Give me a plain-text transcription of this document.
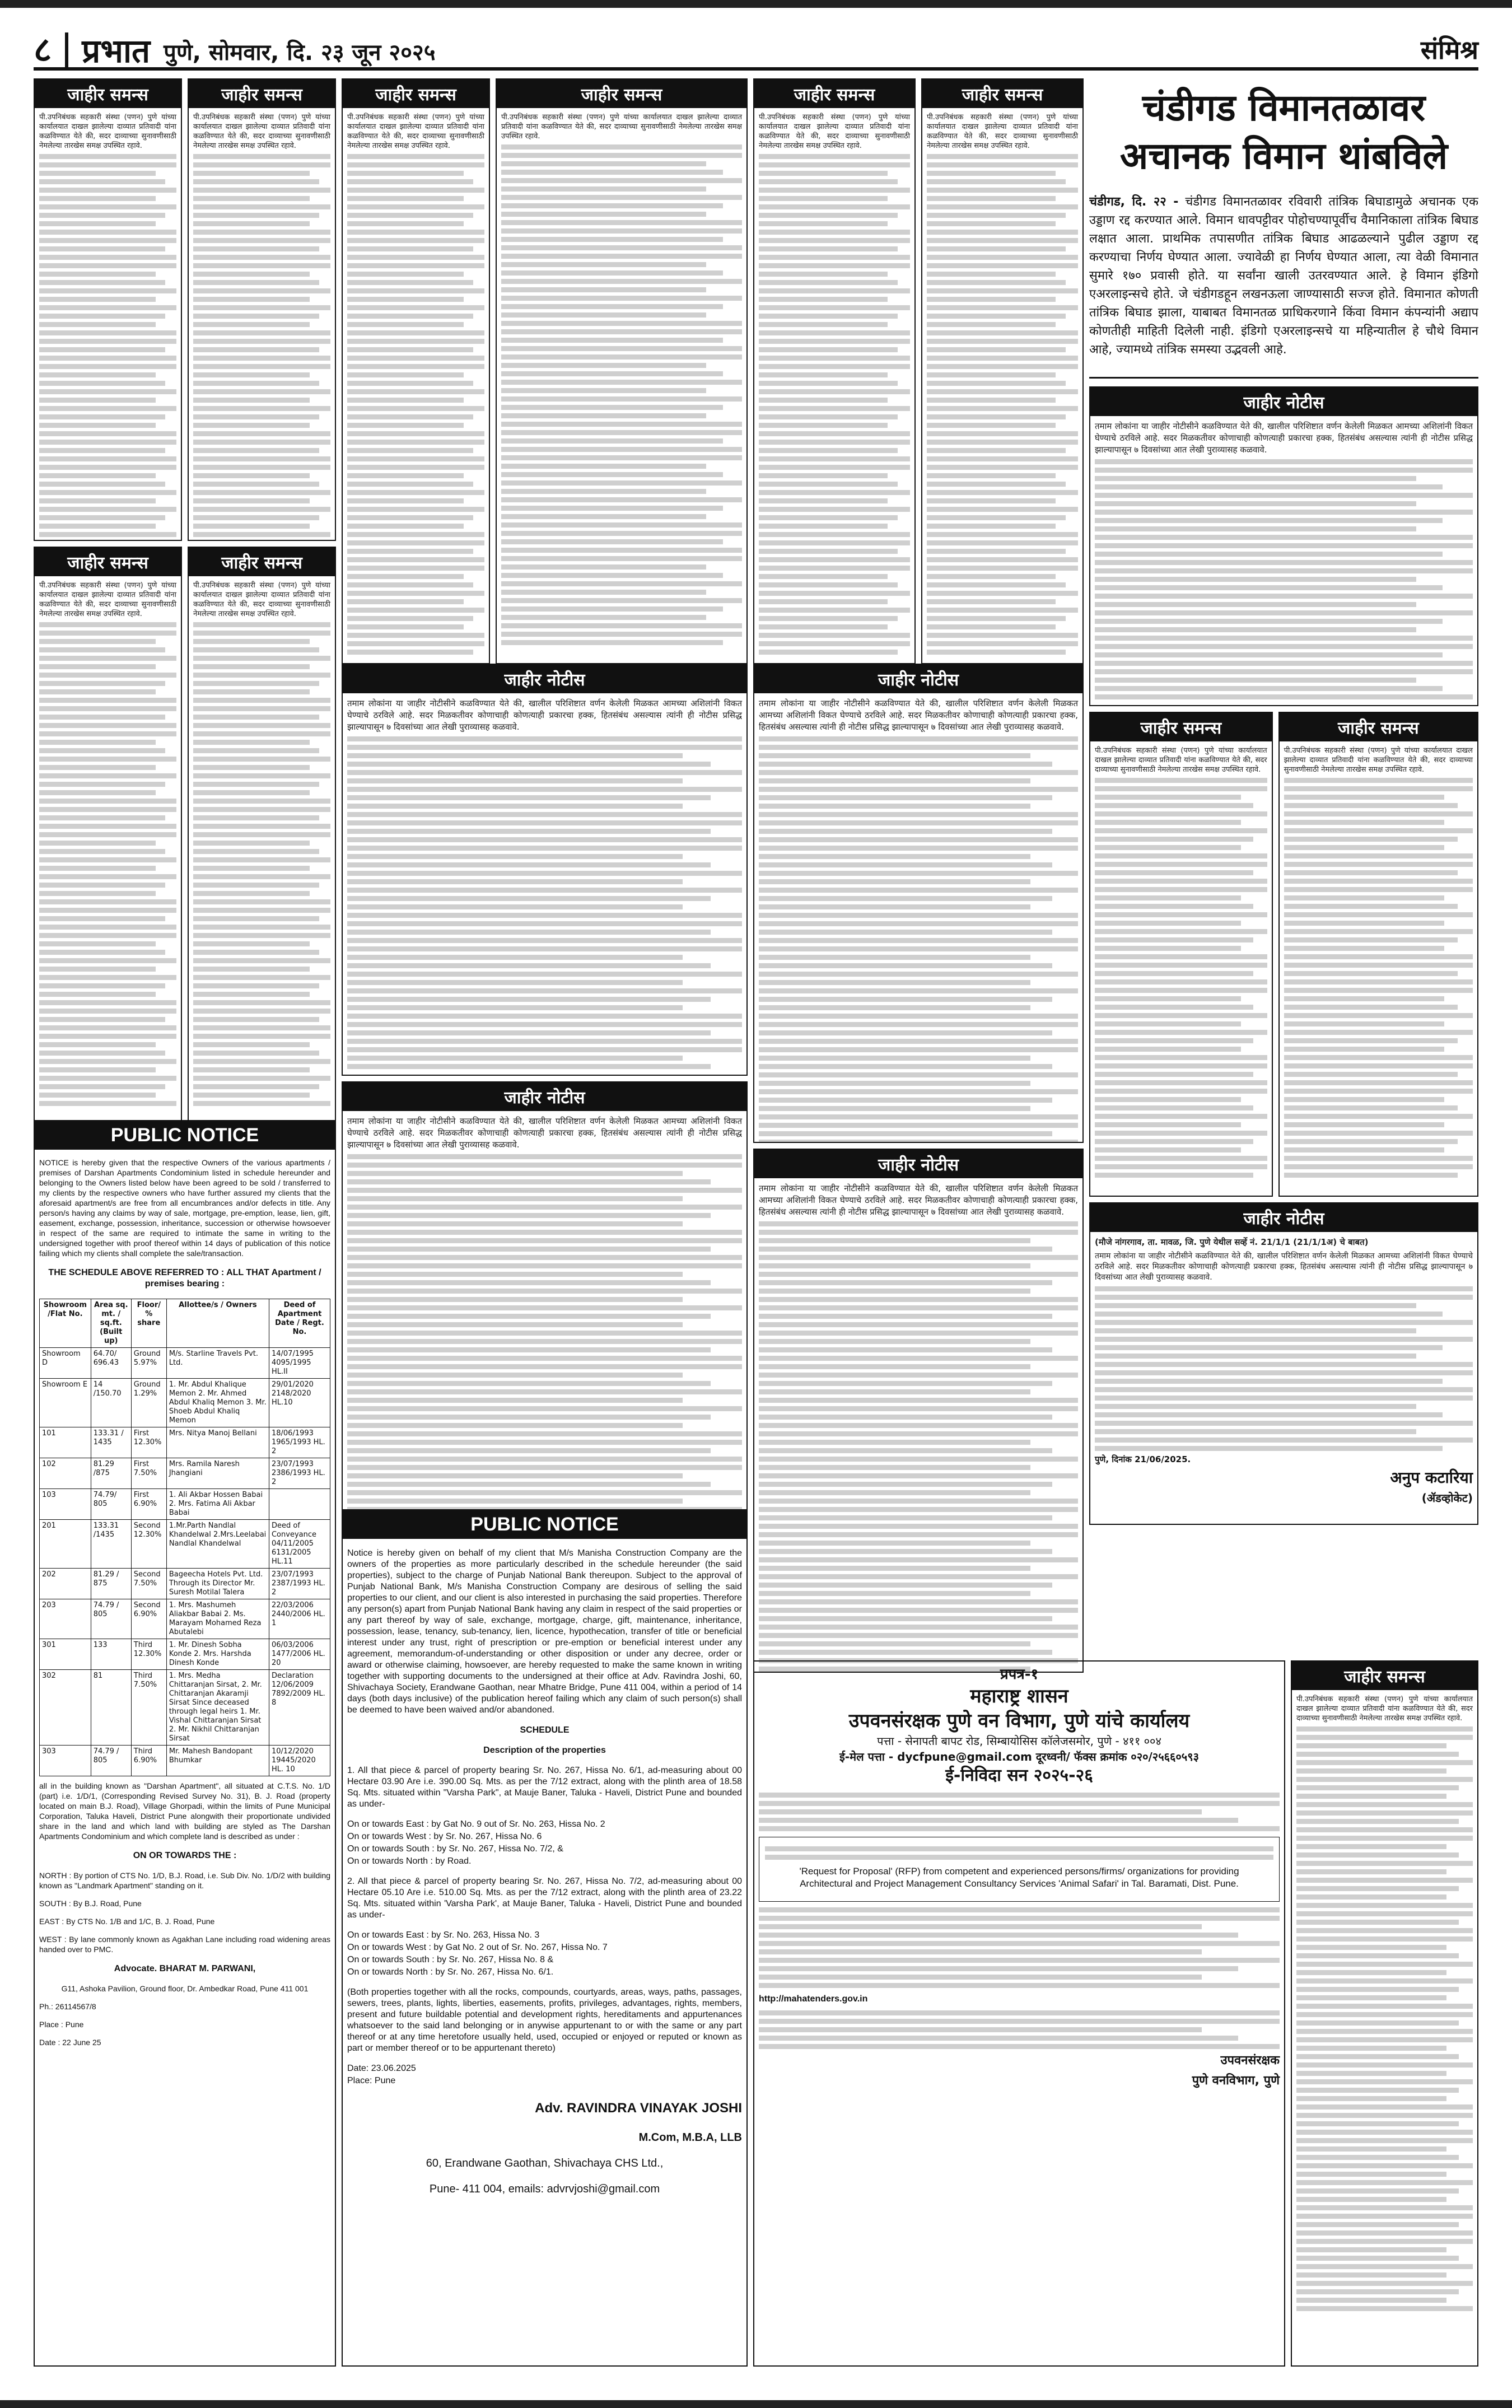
८ प्रभात पुणे, सोमवार, दि. २३ जून २०२५	संमिश्र
जाहीर समन्स

पी.उपनिबंधक सहकारी संस्था (पणन) पुणे यांच्या कार्यालयात दाखल झालेल्या दाव्यात प्रतिवादी यांना कळविण्यात येते की, सदर दाव्याच्या सुनावणीसाठी नेमलेल्या तारखेस समक्ष उपस्थित रहावे.

जाहीर समन्स

पी.उपनिबंधक सहकारी संस्था (पणन) पुणे यांच्या कार्यालयात दाखल झालेल्या दाव्यात प्रतिवादी यांना कळविण्यात येते की, सदर दाव्याच्या सुनावणीसाठी नेमलेल्या तारखेस समक्ष उपस्थित रहावे.

जाहीर समन्स

पी.उपनिबंधक सहकारी संस्था (पणन) पुणे यांच्या कार्यालयात दाखल झालेल्या दाव्यात प्रतिवादी यांना कळविण्यात येते की, सदर दाव्याच्या सुनावणीसाठी नेमलेल्या तारखेस समक्ष उपस्थित रहावे.

जाहीर समन्स

पी.उपनिबंधक सहकारी संस्था (पणन) पुणे यांच्या कार्यालयात दाखल झालेल्या दाव्यात प्रतिवादी यांना कळविण्यात येते की, सदर दाव्याच्या सुनावणीसाठी नेमलेल्या तारखेस समक्ष उपस्थित रहावे.

PUBLIC NOTICE

NOTICE is hereby given that the respective Owners of the various apartments / premises of Darshan Apartments Condominium listed in schedule hereunder and belonging to the Owners listed below have been agreed to be sold / transferred to my clients by the respective owners who have further assured my clients that the aforesaid apartment/s are free from all encumbrances and/or defects in title. Any person/s having any claims by way of sale, mortgage, pre-emption, lease, lien, gift, easement, exchange, possession, inheritance, succession or otherwise howsoever in respect of the same are required to intimate the same in writing to the undersigned together with proof thereof within 14 days of publication of this notice failing which my clients shall complete the sale/transaction.

THE SCHEDULE ABOVE REFERRED TO : ALL THAT Apartment / premises bearing :

Showroom /Flat No.	Area sq. mt. / sq.ft. (Built up)	Floor/ % share	Allottee/s / Owners	Deed of Apartment Date / Regt. No.
Showroom D	64.70/ 696.43	Ground 5.97%	M/s. Starline Travels Pvt. Ltd.	14/07/1995 4095/1995 HL.II
Showroom E	14 /150.70	Ground 1.29%	1. Mr. Abdul Khalique Memon 2. Mr. Ahmed Abdul Khaliq Memon 3. Mr. Shoeb Abdul Khaliq Memon	29/01/2020 2148/2020 HL.10
101	133.31 / 1435	First 12.30%	Mrs. Nitya Manoj Bellani	18/06/1993 1965/1993 HL. 2
102	81.29 /875	First 7.50%	Mrs. Ramila Naresh Jhangiani	23/07/1993 2386/1993 HL. 2
103	74.79/ 805	First 6.90%	1. Ali Akbar Hossen Babai 2. Mrs. Fatima Ali Akbar Babai	
201	133.31 /1435	Second 12.30%	1.Mr.Parth Nandlal Khandelwal 2.Mrs.Leelabai Nandlal Khandelwal	Deed of Conveyance 04/11/2005 6131/2005 HL.11
202	81.29 / 875	Second 7.50%	Bageecha Hotels Pvt. Ltd. Through its Director Mr. Suresh Motilal Talera	23/07/1993 2387/1993 HL. 2
203	74.79 / 805	Second 6.90%	1. Mrs. Mashumeh Aliakbar Babai 2. Ms. Marayam Mohamed Reza Abutalebi	22/03/2006 2440/2006 HL. 1
301	133	Third 12.30%	1. Mr. Dinesh Sobha Konde 2. Mrs. Harshda Dinesh Konde	06/03/2006 1477/2006 HL. 20
302	81	Third 7.50%	1. Mrs. Medha Chittaranjan Sirsat, 2. Mr. Chittaranjan Akaramji Sirsat Since deceased through legal heirs 1. Mr. Vishal Chittaranjan Sirsat 2. Mr. Nikhil Chittaranjan Sirsat	Declaration 12/06/2009 7892/2009 HL. 8
303	74.79 / 805	Third 6.90%	Mr. Mahesh Bandopant Bhumkar	10/12/2020 19445/2020 HL. 10

all in the building known as "Darshan Apartment", all situated at C.T.S. No. 1/D (part) i.e. 1/D/1, (Corresponding Revised Survey No. 31), B. J. Road (property located on main B.J. Road), Village Ghorpadi, within the limits of Pune Municipal Corporation, Taluka Haveli, District Pune alongwith their proportionate undivided share in the land and which land with building are styled as The Darshan Apartments Condominium and which complete land is described as under :

ON OR TOWARDS THE :

NORTH : By portion of CTS No. 1/D, B.J. Road, i.e. Sub Div. No. 1/D/2 with building known as "Landmark Apartment" standing on it.

SOUTH : By B.J. Road, Pune

EAST : By CTS No. 1/B and 1/C, B. J. Road, Pune

WEST : By lane commonly known as Agakhan Lane including road widening areas handed over to PMC.

Advocate. BHARAT M. PARWANI,

G11, Ashoka Pavilion, Ground floor, Dr. Ambedkar Road, Pune 411 001

Ph.: 26114567/8

Place : Pune

Date : 22 June 25

जाहीर समन्स

पी.उपनिबंधक सहकारी संस्था (पणन) पुणे यांच्या कार्यालयात दाखल झालेल्या दाव्यात प्रतिवादी यांना कळविण्यात येते की, सदर दाव्याच्या सुनावणीसाठी नेमलेल्या तारखेस समक्ष उपस्थित रहावे.

जाहीर समन्स

पी.उपनिबंधक सहकारी संस्था (पणन) पुणे यांच्या कार्यालयात दाखल झालेल्या दाव्यात प्रतिवादी यांना कळविण्यात येते की, सदर दाव्याच्या सुनावणीसाठी नेमलेल्या तारखेस समक्ष उपस्थित रहावे.

जाहीर नोटीस

तमाम लोकांना या जाहीर नोटीसीने कळविण्यात येते की, खालील परिशिष्टात वर्णन केलेली मिळकत आमच्या अशिलांनी विकत घेण्याचे ठरविले आहे. सदर मिळकतीवर कोणाचाही कोणत्याही प्रकारचा हक्क, हितसंबंध असल्यास त्यांनी ही नोटीस प्रसिद्ध झाल्यापासून ७ दिवसांच्या आत लेखी पुराव्यासह कळवावे.

जाहीर नोटीस

तमाम लोकांना या जाहीर नोटीसीने कळविण्यात येते की, खालील परिशिष्टात वर्णन केलेली मिळकत आमच्या अशिलांनी विकत घेण्याचे ठरविले आहे. सदर मिळकतीवर कोणाचाही कोणत्याही प्रकारचा हक्क, हितसंबंध असल्यास त्यांनी ही नोटीस प्रसिद्ध झाल्यापासून ७ दिवसांच्या आत लेखी पुराव्यासह कळवावे.

PUBLIC NOTICE

Notice is hereby given on behalf of my client that M/s Manisha Construction Company are the owners of the properties as more particularly described in the schedule hereunder (the said properties), subject to the charge of Punjab National Bank thereupon. Subject to the approval of Punjab National Bank, M/s Manisha Construction Company are desirous of selling the said properties to our client, and our client is also interested in purchasing the said properties. Therefore any person(s) apart from Punjab National Bank having any claim in respect of the said properties or any part thereof by way of sale, exchange, mortgage, charge, gift, maintenance, inheritance, possession, lease, tenancy, sub-tenancy, lien, licence, hypothecation, transfer of title or beneficial interest under any trust, right of prescription or pre-emption or beneficial interest under any agreement, memorandum-of-understanding or other disposition or under any decree, order or award or otherwise claiming, howsoever, are hereby requested to make the same known in writing together with supporting documents to the undersigned at their office at Adv. Ravindra Joshi, 60, Shivachaya Society, Erandwane Gaothan, near Mhatre Bridge, Pune 411 004, within a period of 14 days (both days inclusive) of the publication hereof failing which any claim of such person(s) shall be deemed to have been waived and/or abandoned.

SCHEDULE

Description of the properties

1. All that piece & parcel of property bearing Sr. No. 267, Hissa No. 6/1, ad-measuring about 00 Hectare 03.90 Are i.e. 390.00 Sq. Mts. as per the 7/12 extract, along with the plinth area of 18.58 Sq. Mts. situated within "Varsha Park", at Mauje Baner, Taluka - Haveli, District Pune and bounded as under-

On or towards East : by Gat No. 9 out of Sr. No. 263, Hissa No. 2

On or towards West : by Sr. No. 267, Hissa No. 6

On or towards South : by Sr. No. 267, Hissa No. 7/2, &

On or towards North : by Road.

2. All that piece & parcel of property bearing Sr. No. 267, Hissa No. 7/2, ad-measuring about 00 Hectare 05.10 Are i.e. 510.00 Sq. Mts. as per the 7/12 extract, along with the plinth area of 23.22 Sq. Mts. situated within 'Varsha Park', at Mauje Baner, Taluka - Haveli, District Pune and bounded as under-

On or towards East : by Sr. No. 263, Hissa No. 3

On or towards West : by Gat No. 2 out of Sr. No. 267, Hissa No. 7

On or towards South : by Sr. No. 267, Hissa No. 8 &

On or towards North : by Sr. No. 267, Hissa No. 6/1.

(Both properties together with all the rocks, compounds, courtyards, areas, ways, paths, passages, sewers, trees, plants, lights, liberties, easements, profits, privileges, advantages, rights, members, present and future buildable potential and development rights, hereditaments and appurtenances whatsoever to the said land belonging or in anywise appurtenant to or with the same or any part thereof or at any time heretofore usually held, used, occupied or enjoyed or reputed or known as part or member thereof or to be appurtenant thereto)

Date: 23.06.2025

Place: Pune

Adv. RAVINDRA VINAYAK JOSHI

M.Com, M.B.A, LLB

60, Erandwane Gaothan, Shivachaya CHS Ltd.,

Pune- 411 004, emails: advrvjoshi@gmail.com

जाहीर समन्स

पी.उपनिबंधक सहकारी संस्था (पणन) पुणे यांच्या कार्यालयात दाखल झालेल्या दाव्यात प्रतिवादी यांना कळविण्यात येते की, सदर दाव्याच्या सुनावणीसाठी नेमलेल्या तारखेस समक्ष उपस्थित रहावे.

जाहीर समन्स

पी.उपनिबंधक सहकारी संस्था (पणन) पुणे यांच्या कार्यालयात दाखल झालेल्या दाव्यात प्रतिवादी यांना कळविण्यात येते की, सदर दाव्याच्या सुनावणीसाठी नेमलेल्या तारखेस समक्ष उपस्थित रहावे.

जाहीर नोटीस

तमाम लोकांना या जाहीर नोटीसीने कळविण्यात येते की, खालील परिशिष्टात वर्णन केलेली मिळकत आमच्या अशिलांनी विकत घेण्याचे ठरविले आहे. सदर मिळकतीवर कोणाचाही कोणत्याही प्रकारचा हक्क, हितसंबंध असल्यास त्यांनी ही नोटीस प्रसिद्ध झाल्यापासून ७ दिवसांच्या आत लेखी पुराव्यासह कळवावे.

जाहीर नोटीस

तमाम लोकांना या जाहीर नोटीसीने कळविण्यात येते की, खालील परिशिष्टात वर्णन केलेली मिळकत आमच्या अशिलांनी विकत घेण्याचे ठरविले आहे. सदर मिळकतीवर कोणाचाही कोणत्याही प्रकारचा हक्क, हितसंबंध असल्यास त्यांनी ही नोटीस प्रसिद्ध झाल्यापासून ७ दिवसांच्या आत लेखी पुराव्यासह कळवावे.

प्रपत्र-१
महाराष्ट्र शासन
उपवनसंरक्षक पुणे वन विभाग, पुणे यांचे कार्यालय
पत्ता - सेनापती बापट रोड, सिम्बायोसिस कॉलेजसमोर, पुणे - ४११ ००४
ई-मेल पत्ता - dycfpune@gmail.com दूरध्वनी/ फॅक्स क्रमांक ०२०/२५६६०५९३
ई-निविदा सन २०२५-२६

'Request for Proposal' (RFP) from competent and experienced persons/firms/ organizations for providing Architectural and Project Management Consultancy Services 'Animal Safari' in Tal. Baramati, Dist. Pune.

http://mahatenders.gov.in

उपवनसंरक्षक

पुणे वनविभाग, पुणे

चंडीगड विमानतळावर अचानक विमान थांबविले

चंडीगड, दि. २२ - चंडीगड विमानतळावर रविवारी तांत्रिक बिघाडामुळे अचानक एक उड्डाण रद्द करण्यात आले. विमान धावपट्टीवर पोहोचण्यापूर्वीच वैमानिकाला तांत्रिक बिघाड लक्षात आला. प्राथमिक तपासणीत तांत्रिक बिघाड आढळल्याने पुढील उड्डाण रद्द करण्याचा निर्णय घेण्यात आला. ज्यावेळी हा निर्णय घेण्यात आला, त्या वेळी विमानात सुमारे १७० प्रवासी होते. या सर्वांना खाली उतरवण्यात आले. हे विमान इंडिगो एअरलाइन्सचे होते. जे चंडीगडहून लखनऊला जाण्यासाठी सज्ज होते. विमानात कोणती तांत्रिक बिघाड झाला, याबाबत विमानतळ प्राधिकरणाने किंवा विमान कंपन्यांनी अद्याप कोणतीही माहिती दिलेली नाही. इंडिगो एअरलाइन्सचे या महिन्यातील हे चौथे विमान आहे, ज्यामध्ये तांत्रिक समस्या उद्भवली आहे.

जाहीर नोटीस

तमाम लोकांना या जाहीर नोटीसीने कळविण्यात येते की, खालील परिशिष्टात वर्णन केलेली मिळकत आमच्या अशिलांनी विकत घेण्याचे ठरविले आहे. सदर मिळकतीवर कोणाचाही कोणत्याही प्रकारचा हक्क, हितसंबंध असल्यास त्यांनी ही नोटीस प्रसिद्ध झाल्यापासून ७ दिवसांच्या आत लेखी पुराव्यासह कळवावे.

जाहीर समन्स

पी.उपनिबंधक सहकारी संस्था (पणन) पुणे यांच्या कार्यालयात दाखल झालेल्या दाव्यात प्रतिवादी यांना कळविण्यात येते की, सदर दाव्याच्या सुनावणीसाठी नेमलेल्या तारखेस समक्ष उपस्थित रहावे.

जाहीर समन्स

पी.उपनिबंधक सहकारी संस्था (पणन) पुणे यांच्या कार्यालयात दाखल झालेल्या दाव्यात प्रतिवादी यांना कळविण्यात येते की, सदर दाव्याच्या सुनावणीसाठी नेमलेल्या तारखेस समक्ष उपस्थित रहावे.

जाहीर नोटीस

(मौजे नांगरगाव, ता. मावळ, जि. पुणे येथील सर्व्हे नं. 21/1/1 (21/1/1अ) चे बाबत)

तमाम लोकांना या जाहीर नोटीसीने कळविण्यात येते की, खालील परिशिष्टात वर्णन केलेली मिळकत आमच्या अशिलांनी विकत घेण्याचे ठरविले आहे. सदर मिळकतीवर कोणाचाही कोणत्याही प्रकारचा हक्क, हितसंबंध असल्यास त्यांनी ही नोटीस प्रसिद्ध झाल्यापासून ७ दिवसांच्या आत लेखी पुराव्यासह कळवावे.

पुणे, दिनांक 21/06/2025.

अनुप कटारिया

(ॲडव्होकेट)

जाहीर समन्स

पी.उपनिबंधक सहकारी संस्था (पणन) पुणे यांच्या कार्यालयात दाखल झालेल्या दाव्यात प्रतिवादी यांना कळविण्यात येते की, सदर दाव्याच्या सुनावणीसाठी नेमलेल्या तारखेस समक्ष उपस्थित रहावे.
